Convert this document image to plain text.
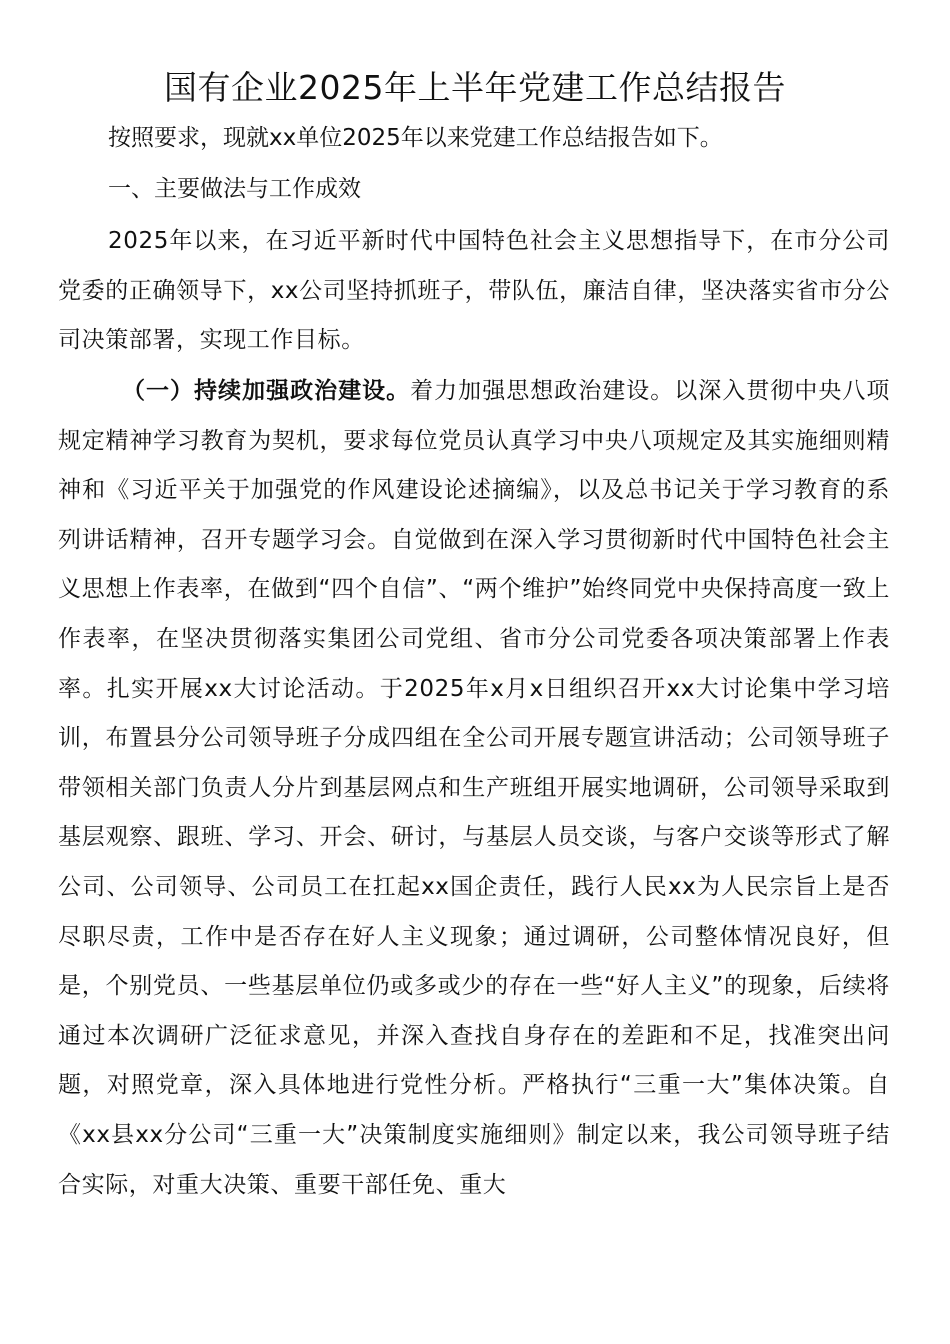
国有企业2025年上半年党建工作总结报告

按照要求，现就xx单位2025年以来党建工作总结报告如下。

一、主要做法与工作成效

2025年以来，在习近平新时代中国特色社会主义思想指导下，在市分公司党委的正确领导下，xx公司坚持抓班子，带队伍，廉洁自律，坚决落实省市分公司决策部署，实现工作目标。

（一）持续加强政治建设。着力加强思想政治建设。以深入贯彻中央八项规定精神学习教育为契机，要求每位党员认真学习中央八项规定及其实施细则精神和《习近平关于加强党的作风建设论述摘编》，以及总书记关于学习教育的系列讲话精神，召开专题学习会。自觉做到在深入学习贯彻新时代中国特色社会主义思想上作表率，在做到“四个自信”、“两个维护”始终同党中央保持高度一致上作表率，在坚决贯彻落实集团公司党组、省市分公司党委各项决策部署上作表率。扎实开展xx大讨论活动。于2025年x月x日组织召开xx大讨论集中学习培训，布置县分公司领导班子分成四组在全公司开展专题宣讲活动；公司领导班子带领相关部门负责人分片到基层网点和生产班组开展实地调研，公司领导采取到基层观察、跟班、学习、开会、研讨，与基层人员交谈，与客户交谈等形式了解公司、公司领导、公司员工在扛起xx国企责任，践行人民xx为人民宗旨上是否尽职尽责，工作中是否存在好人主义现象；通过调研，公司整体情况良好，但是，个别党员、一些基层单位仍或多或少的存在一些“好人主义”的现象，后续将通过本次调研广泛征求意见，并深入查找自身存在的差距和不足，找准突出问题，对照党章，深入具体地进行党性分析。严格执行“三重一大”集体决策。自《xx县xx分公司“三重一大”决策制度实施细则》制定以来，我公司领导班子结合实际，对重大决策、重要干部任免、重大
